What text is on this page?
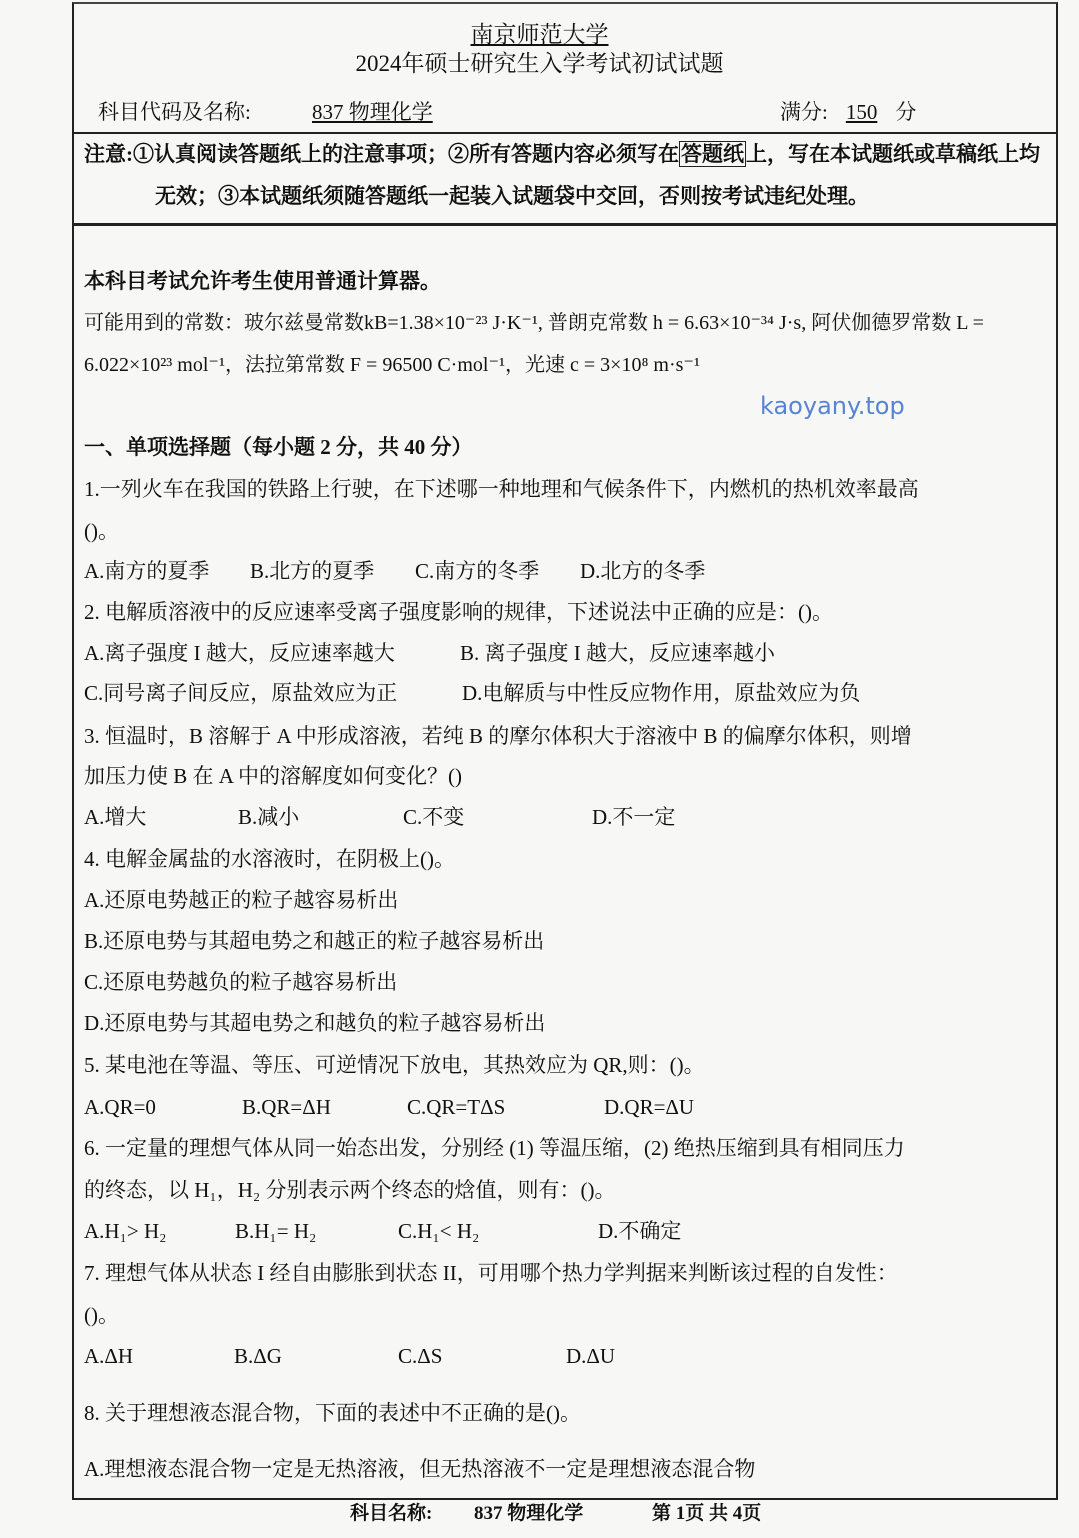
南京师范大学
2024年硕士研究生入学考试初试试题
科目代码及名称:	837 物理化学	满分: 150 分
注意:①认真阅读答题纸上的注意事项；②所有答题内容必须写在答题纸上，写在本试题纸或草稿纸上均
无效；③本试题纸须随答题纸一起装入试题袋中交回，否则按考试违纪处理。
本科目考试允许考生使用普通计算器。
可能用到的常数：玻尔兹曼常数kB=1.38×10⁻²³ J·K⁻¹, 普朗克常数 h = 6.63×10⁻³⁴ J·s, 阿伏伽德罗常数 L =
6.022×10²³ mol⁻¹，法拉第常数 F = 96500 C·mol⁻¹，光速 c = 3×10⁸ m·s⁻¹
一、单项选择题（每小题 2 分，共 40 分）
1.一列火车在我国的铁路上行驶，在下述哪一种地理和气候条件下，内燃机的热机效率最高
()。
A.南方的夏季 B.北方的夏季 C.南方的冬季 D.北方的冬季
2. 电解质溶液中的反应速率受离子强度影响的规律，下述说法中正确的应是：()。
A.离子强度 I 越大，反应速率越大	B. 离子强度 I 越大，反应速率越小
C.同号离子间反应，原盐效应为正	D.电解质与中性反应物作用，原盐效应为负
3. 恒温时，B 溶解于 A 中形成溶液，若纯 B 的摩尔体积大于溶液中 B 的偏摩尔体积，则增
加压力使 B 在 A 中的溶解度如何变化？()
A.增大	B.减小	C.不变	D.不一定
4. 电解金属盐的水溶液时，在阴极上()。
A.还原电势越正的粒子越容易析出
B.还原电势与其超电势之和越正的粒子越容易析出
C.还原电势越负的粒子越容易析出
D.还原电势与其超电势之和越负的粒子越容易析出
5. 某电池在等温、等压、可逆情况下放电，其热效应为 QR,则：()。
A.QR=0	B.QR=ΔH	C.QR=TΔS	D.QR=ΔU
6. 一定量的理想气体从同一始态出发，分别经 (1) 等温压缩，(2) 绝热压缩到具有相同压力
的终态，以 H₁，H₂ 分别表示两个终态的焓值，则有：()。
A.H₁> H₂	B.H₁= H₂	C.H₁< H₂	D.不确定
7. 理想气体从状态 I 经自由膨胀到状态 II，可用哪个热力学判据来判断该过程的自发性：
()。
A.ΔH	B.ΔG	C.ΔS	D.ΔU
8. 关于理想液态混合物，下面的表述中不正确的是()。
A.理想液态混合物一定是无热溶液，但无热溶液不一定是理想液态混合物
科目名称: 837 物理化学	第 1页 共 4页
kaoyany.top
